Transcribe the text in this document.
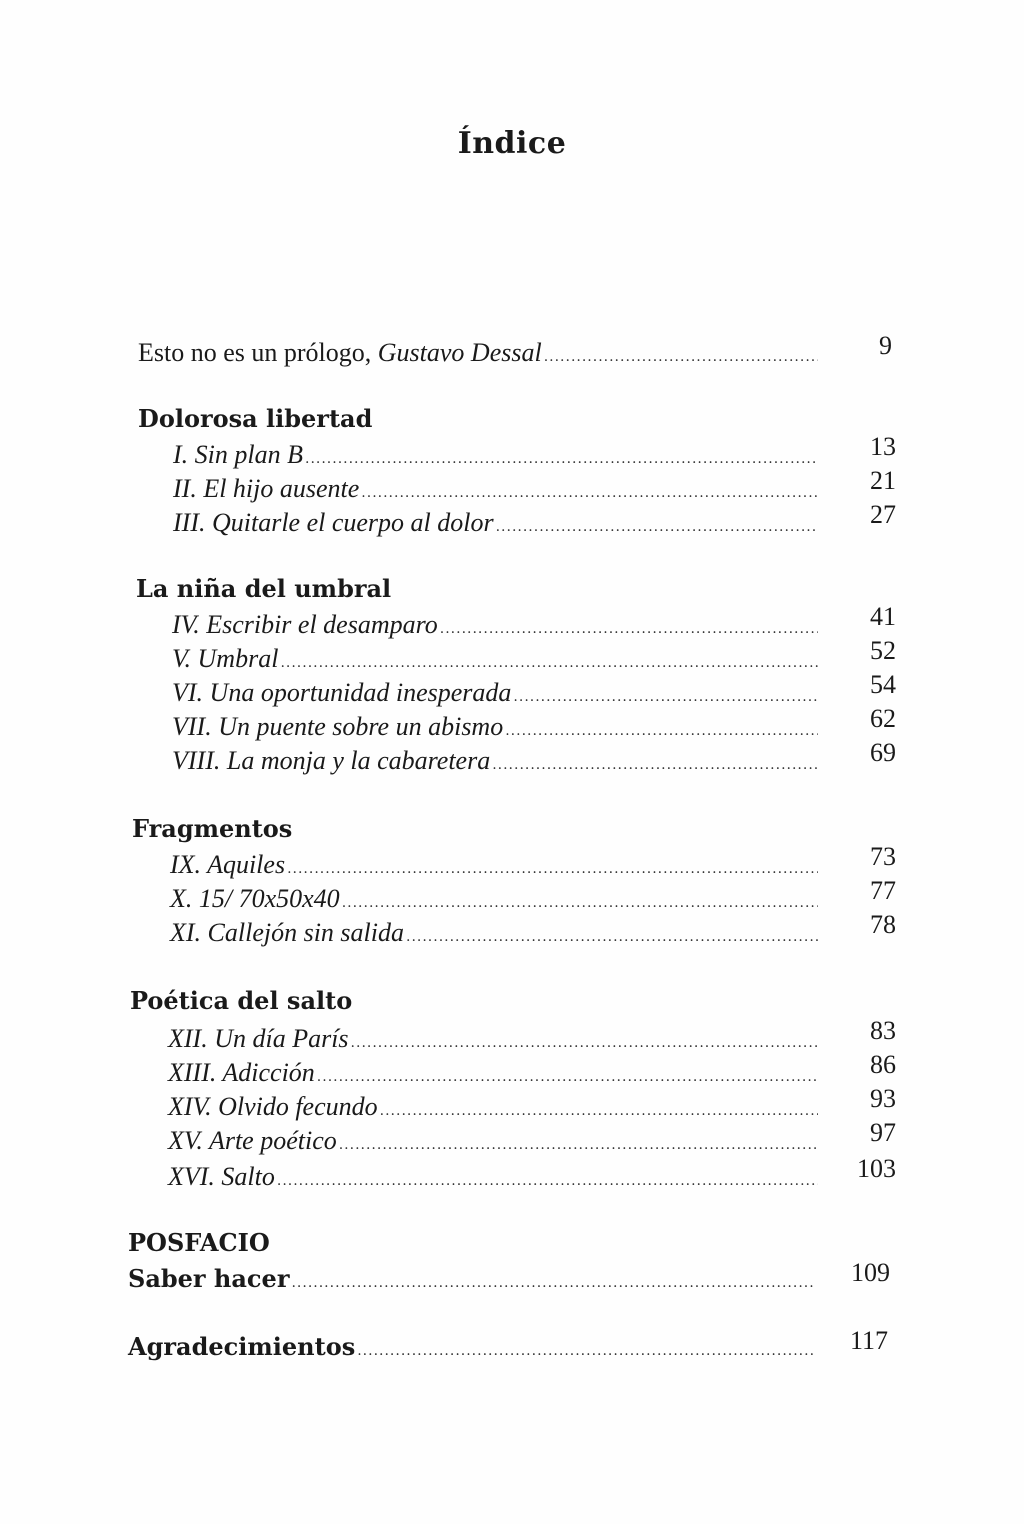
Índice
Esto no es un prólogo, Gustavo Dessal .....	9
Dolorosa libertad
I. Sin plan B .....	13
II. El hijo ausente .....	21
III. Quitarle el cuerpo al dolor .....	27
La niña del umbral
IV. Escribir el desamparo .....	41
V. Umbral .....	52
VI. Una oportunidad inesperada .....	54
VII. Un puente sobre un abismo .....	62
VIII. La monja y la cabaretera .....	69
Fragmentos
IX. Aquiles .....	73
X. 15/ 70x50x40 .....	77
XI. Callejón sin salida .....	78
Poética del salto
XII. Un día París .....	83
XIII. Adicción .....	86
XIV. Olvido fecundo .....	93
XV. Arte poético .....	97
XVI. Salto .....	103
POSFACIO
Saber hacer .....	109
Agradecimientos .....	117
